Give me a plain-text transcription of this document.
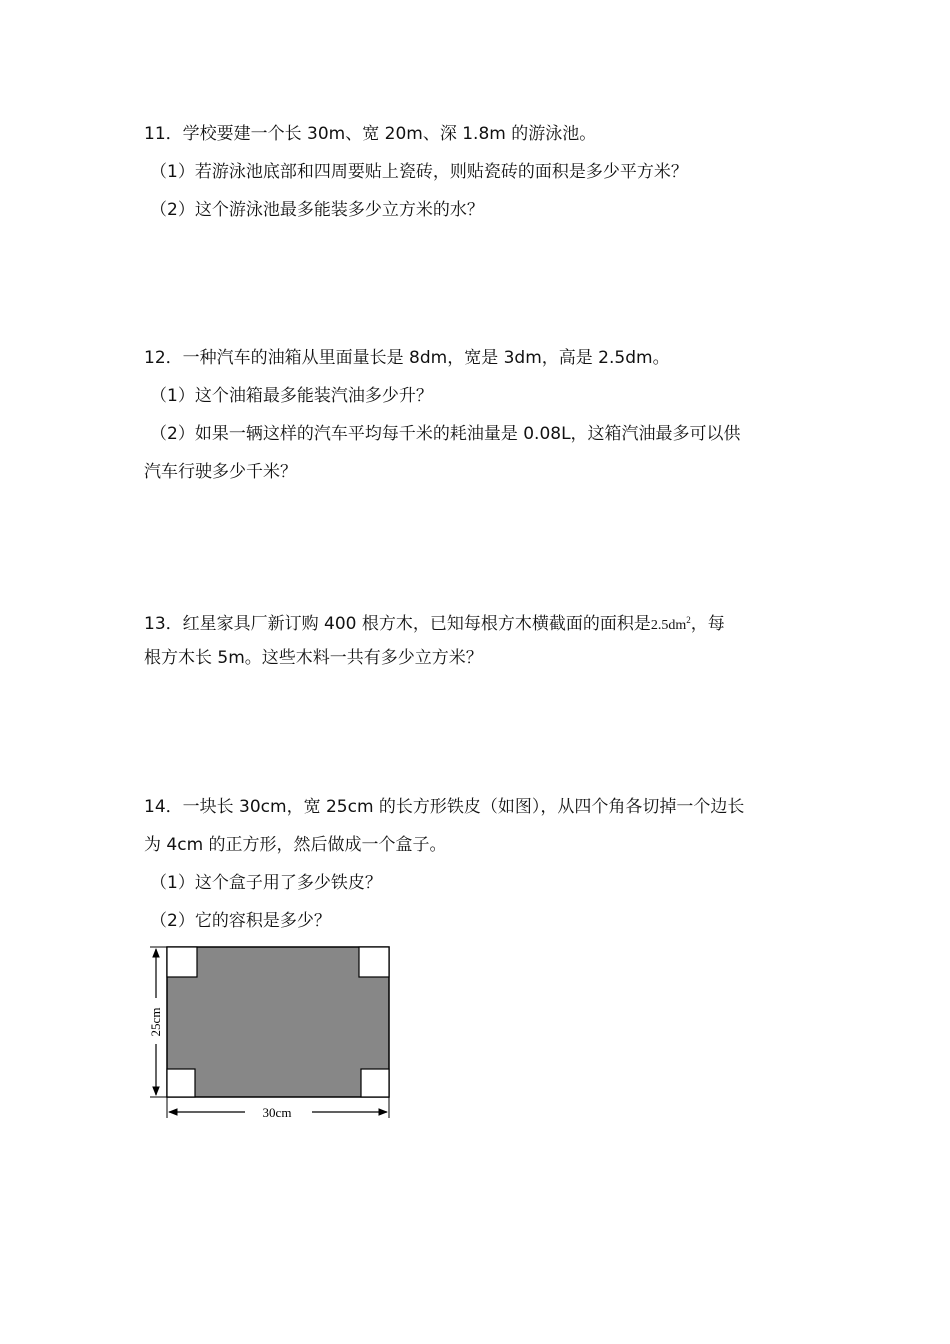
11．学校要建一个长 30m、宽 20m、深 1.8m 的游泳池。
（1）若游泳池底部和四周要贴上瓷砖，则贴瓷砖的面积是多少平方米？
（2）这个游泳池最多能装多少立方米的水？
12．一种汽车的油箱从里面量长是 8dm，宽是 3dm，高是 2.5dm。
（1）这个油箱最多能装汽油多少升？
（2）如果一辆这样的汽车平均每千米的耗油量是 0.08L，这箱汽油最多可以供
汽车行驶多少千米？
13．红星家具厂新订购 400 根方木，已知每根方木横截面的面积是$2.5dm^2$，每
根方木长 5m。这些木料一共有多少立方米？
14．一块长 30cm，宽 25cm 的长方形铁皮（如图），从四个角各切掉一个边长
为 4cm 的正方形，然后做成一个盒子。
（1）这个盒子用了多少铁皮？
（2）它的容积是多少？
25cm
30cm
